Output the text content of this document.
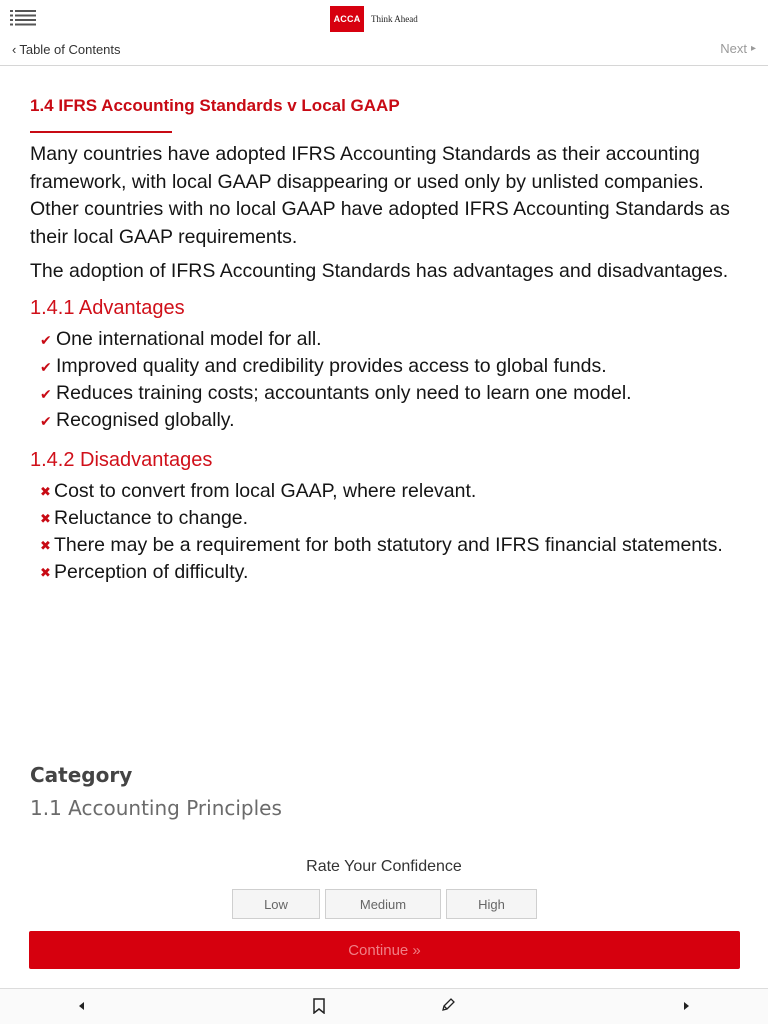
ACCA	Think Ahead
‹ Table of Contents	Next ▸
1.4 IFRS Accounting Standards v Local GAAP

Many countries have adopted IFRS Accounting Standards as their accounting framework, with local GAAP disappearing or used only by unlisted companies. Other countries with no local GAAP have adopted IFRS Accounting Standards as their local GAAP requirements.

The adoption of IFRS Accounting Standards has advantages and disadvantages.

1.4.1 Advantages
✔ One international model for all.
✔ Improved quality and credibility provides access to global funds.
✔ Reduces training costs; accountants only need to learn one model.
✔ Recognised globally.
1.4.2 Disadvantages
✖ Cost to convert from local GAAP, where relevant.
✖ Reluctance to change.
✖ There may be a requirement for both statutory and IFRS financial statements.
✖ Perception of difficulty.
Category
1.1 Accounting Principles
Rate Your Confidence
Low	Medium	High
Continue »
